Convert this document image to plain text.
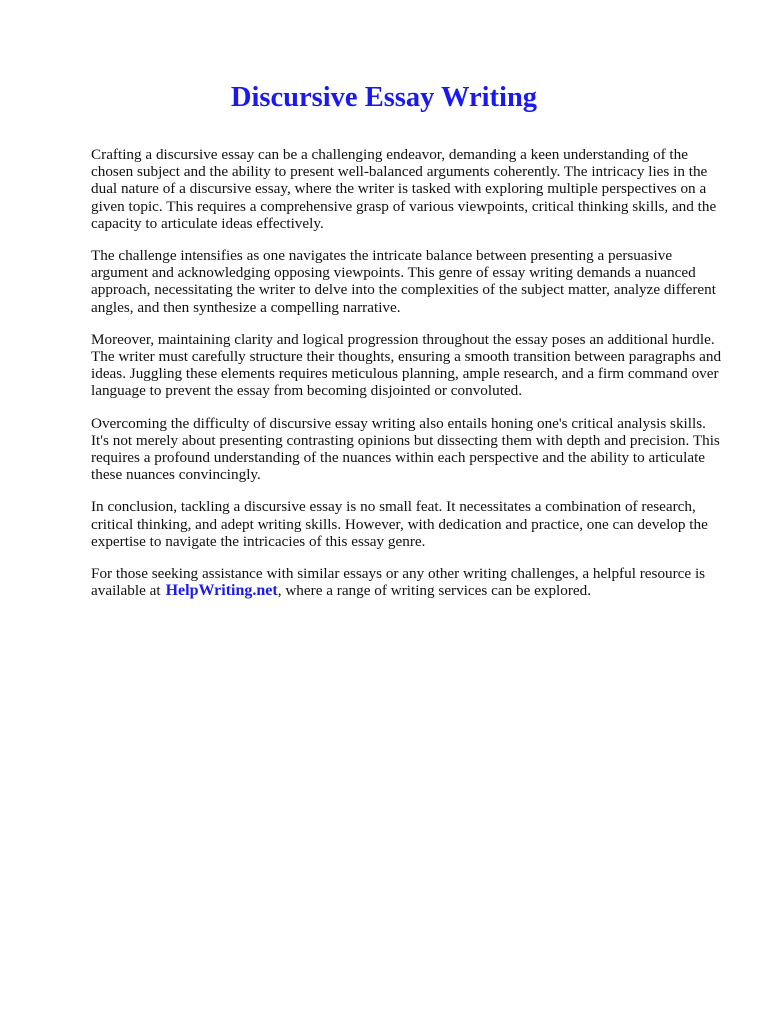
Discursive Essay Writing

Crafting a discursive essay can be a challenging endeavor, demanding a keen understanding of the chosen subject and the ability to present well-balanced arguments coherently. The intricacy lies in the dual nature of a discursive essay, where the writer is tasked with exploring multiple perspectives on a given topic. This requires a comprehensive grasp of various viewpoints, critical thinking skills, and the capacity to articulate ideas effectively.

The challenge intensifies as one navigates the intricate balance between presenting a persuasive argument and acknowledging opposing viewpoints. This genre of essay writing demands a nuanced approach, necessitating the writer to delve into the complexities of the subject matter, analyze different angles, and then synthesize a compelling narrative.

Moreover, maintaining clarity and logical progression throughout the essay poses an additional hurdle. The writer must carefully structure their thoughts, ensuring a smooth transition between paragraphs and ideas. Juggling these elements requires meticulous planning, ample research, and a firm command over language to prevent the essay from becoming disjointed or convoluted.

Overcoming the difficulty of discursive essay writing also entails honing one's critical analysis skills. It's not merely about presenting contrasting opinions but dissecting them with depth and precision. This requires a profound understanding of the nuances within each perspective and the ability to articulate these nuances convincingly.

In conclusion, tackling a discursive essay is no small feat. It necessitates a combination of research, critical thinking, and adept writing skills. However, with dedication and practice, one can develop the expertise to navigate the intricacies of this essay genre.

For those seeking assistance with similar essays or any other writing challenges, a helpful resource is available at HelpWriting.net, where a range of writing services can be explored.
